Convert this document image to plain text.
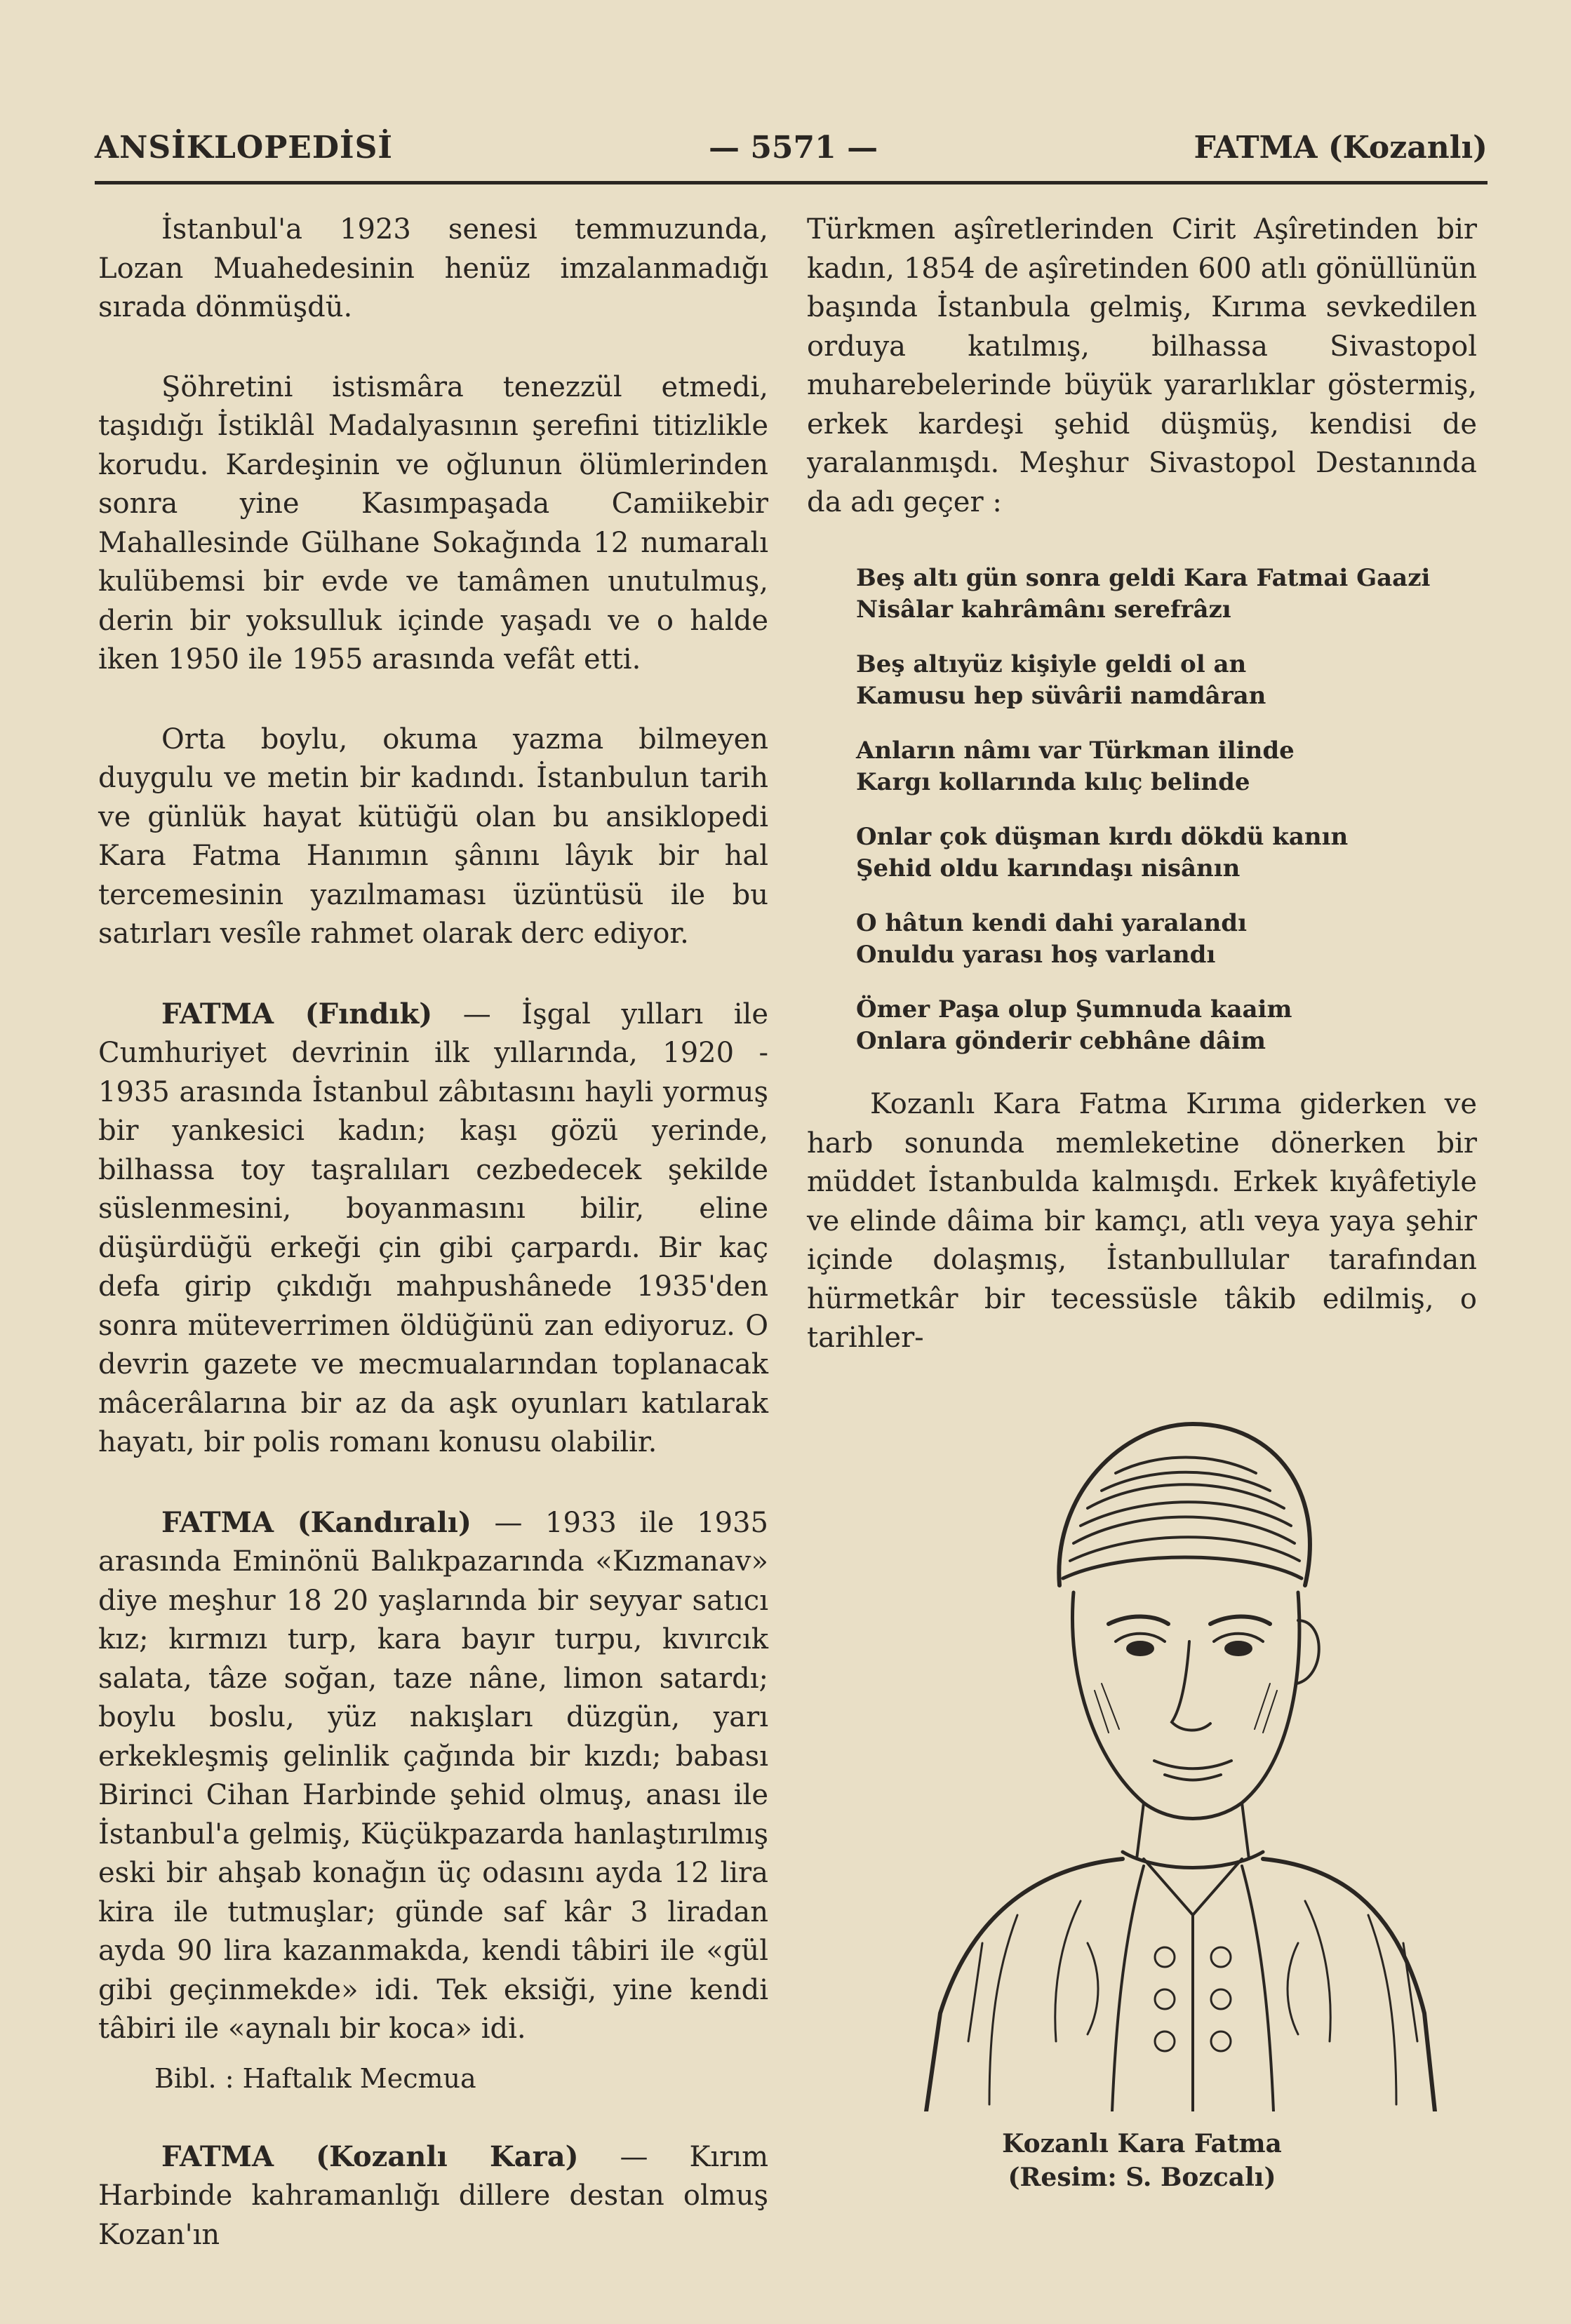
ANSİKLOPEDİSİ	— 5571 —	FATMA (Kozanlı)

İstanbul'a 1923 senesi temmuzunda, Lozan Muahedesinin henüz imzalanmadığı sırada dönmüşdü.

Şöhretini istismâra tenezzül etmedi, taşıdığı İstiklâl Madalyasının şerefini titizlikle korudu. Kardeşinin ve oğlunun ölümlerinden sonra yine Kasımpaşada Camiikebir Mahallesinde Gülhane Sokağında 12 numaralı kulübemsi bir evde ve tamâmen unutulmuş, derin bir yoksulluk içinde yaşadı ve o halde iken 1950 ile 1955 arasında vefât etti.

Orta boylu, okuma yazma bilmeyen duygulu ve metin bir kadındı. İstanbulun tarih ve günlük hayat kütüğü olan bu ansiklopedi Kara Fatma Hanımın şânını lâyık bir hal tercemesinin yazılmaması üzüntüsü ile bu satırları vesîle rahmet olarak derc ediyor.

FATMA (Fındık) — İşgal yılları ile Cumhuriyet devrinin ilk yıllarında, 1920 - 1935 arasında İstanbul zâbıtasını hayli yormuş bir yankesici kadın; kaşı gözü yerinde, bilhassa toy taşralıları cezbedecek şekilde süslenmesini, boyanmasını bilir, eline düşürdüğü erkeği çin gibi çarpardı. Bir kaç defa girip çıkdığı mahpushânede 1935'den sonra müteverrimen öldüğünü zan ediyoruz. O devrin gazete ve mecmualarından toplanacak mâcerâlarına bir az da aşk oyunları katılarak hayatı, bir polis romanı konusu olabilir.

FATMA (Kandıralı) — 1933 ile 1935 arasında Eminönü Balıkpazarında «Kızmanav» diye meşhur 18 20 yaşlarında bir seyyar satıcı kız; kırmızı turp, kara bayır turpu, kıvırcık salata, tâze soğan, taze nâne, limon satardı; boylu boslu, yüz nakışları düzgün, yarı erkekleşmiş gelinlik çağında bir kızdı; babası Birinci Cihan Harbinde şehid olmuş, anası ile İstanbul'a gelmiş, Küçükpazarda hanlaştırılmış eski bir ahşab konağın üç odasını ayda 12 lira kira ile tutmuşlar; günde saf kâr 3 liradan ayda 90 lira kazanmakda, kendi tâbiri ile «gül gibi geçinmekde» idi. Tek eksiği, yine kendi tâbiri ile «aynalı bir koca» idi.

Bibl. : Haftalık Mecmua

FATMA (Kozanlı Kara) — Kırım Harbinde kahramanlığı dillere destan olmuş Kozan'ın

Türkmen aşîretlerinden Cirit Aşîretinden bir kadın, 1854 de aşîretinden 600 atlı gönüllünün başında İstanbula gelmiş, Kırıma sevkedilen orduya katılmış, bilhassa Sivastopol muharebelerinde büyük yararlıklar göstermiş, erkek kardeşi şehid düşmüş, kendisi de yaralanmışdı. Meşhur Sivastopol Destanında da adı geçer :

Beş altı gün sonra geldi Kara Fatmai Gaazi
Nisâlar kahrâmânı serefrâzı
Beş altıyüz kişiyle geldi ol an
Kamusu hep süvârii namdâran
Anların nâmı var Türkman ilinde
Kargı kollarında kılıç belinde
Onlar çok düşman kırdı dökdü kanın
Şehid oldu karındaşı nisânın
O hâtun kendi dahi yaralandı
Onuldu yarası hoş varlandı
Ömer Paşa olup Şumnuda kaaim
Onlara gönderir cebhâne dâim

Kozanlı Kara Fatma Kırıma giderken ve harb sonunda memleketine dönerken bir müddet İstanbulda kalmışdı. Erkek kıyâfetiyle ve elinde dâima bir kamçı, atlı veya yaya şehir içinde dolaşmış, İstanbullular tarafından hürmetkâr bir tecessüsle tâkib edilmiş, o tarihler-

Kozanlı Kara Fatma
(Resim: S. Bozcalı)
